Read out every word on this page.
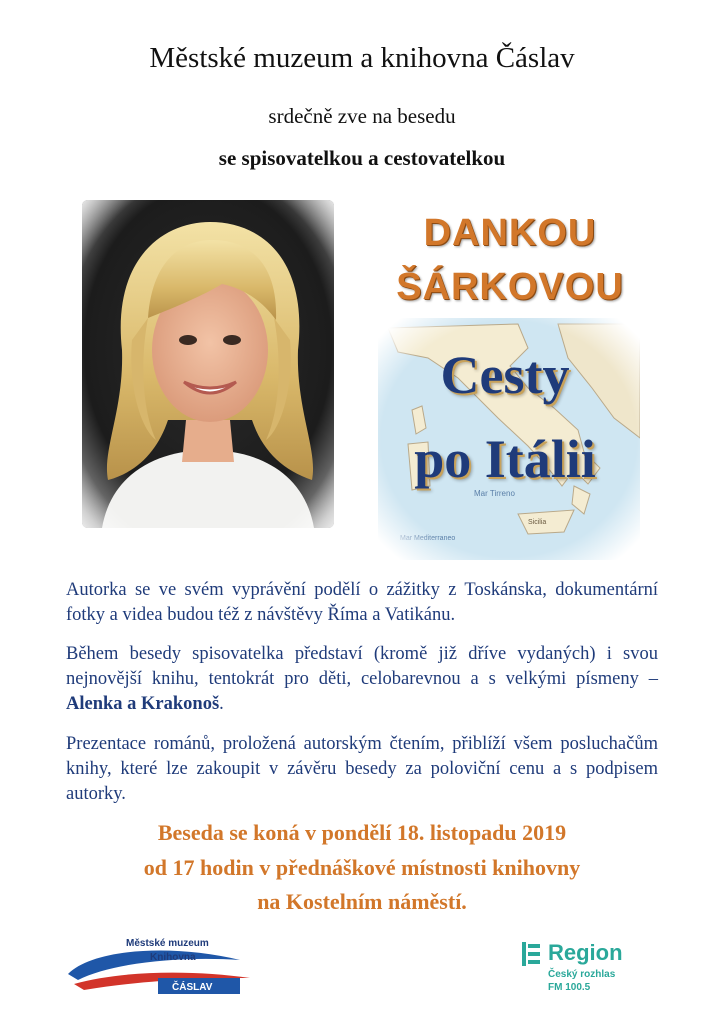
Městské muzeum a knihovna Čáslav
srdečně zve na besedu
se spisovatelkou a cestovatelkou
DANKOU
ŠÁRKOVOU
Cesty
po Itálii
Autorka se ve svém vyprávění podělí o zážitky z Toskánska, dokumentární fotky a videa budou též z návštěvy Říma a Vatikánu.
Během besedy spisovatelka představí (kromě již dříve vydaných) i svou nejnovější knihu, tentokrát pro děti, celobarevnou a s velkými písmeny – Alenka a Krakonoš.
Prezentace románů, proložená autorským čtením, přiblíží všem posluchačům knihy, které lze zakoupit v závěru besedy za poloviční cenu a s podpisem autorky.
Beseda se koná v pondělí 18. listopadu 2019
od 17 hodin v přednáškové místnosti knihovny
na Kostelním náměstí.
Městské muzeum
Knihovna
ČÁSLAV
Region
Český rozhlas
FM 100.5
